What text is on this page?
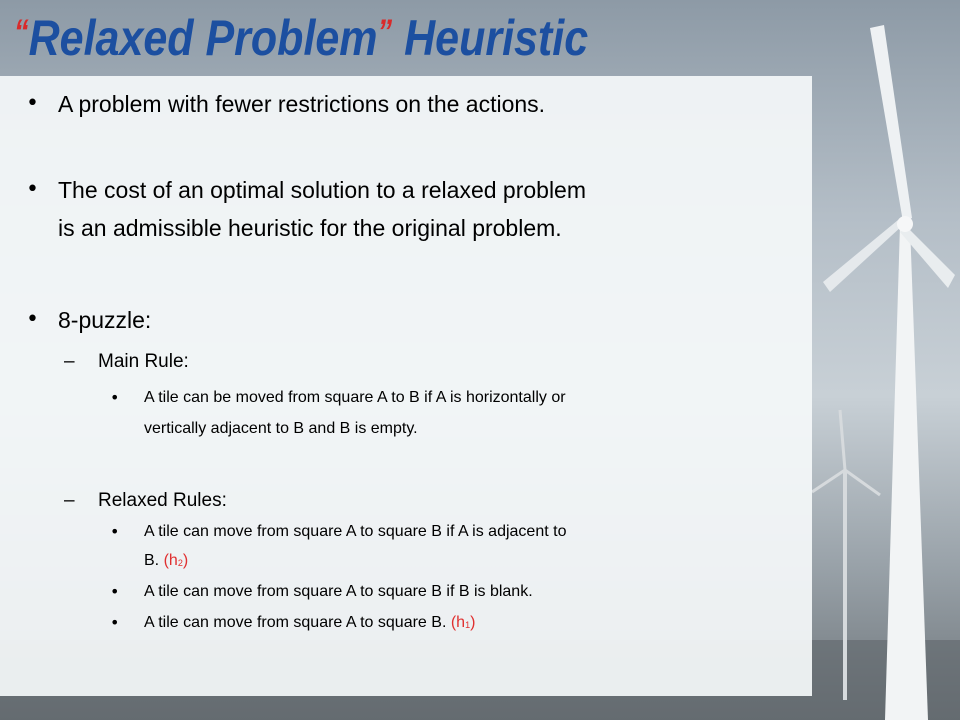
“Relaxed Problem” Heuristic
• A problem with fewer restrictions on the actions.
• The cost of an optimal solution to a relaxed problem
is an admissible heuristic for the original problem.
• 8-puzzle:
– Main Rule:
• A tile can be moved from square A to B if A is horizontally or
vertically adjacent to B and B is empty.
– Relaxed Rules:
• A tile can move from square A to square B if A is adjacent to
B. $(h_2)$
• A tile can move from square A to square B if B is blank.
• A tile can move from square A to square B. $(h_1)$
